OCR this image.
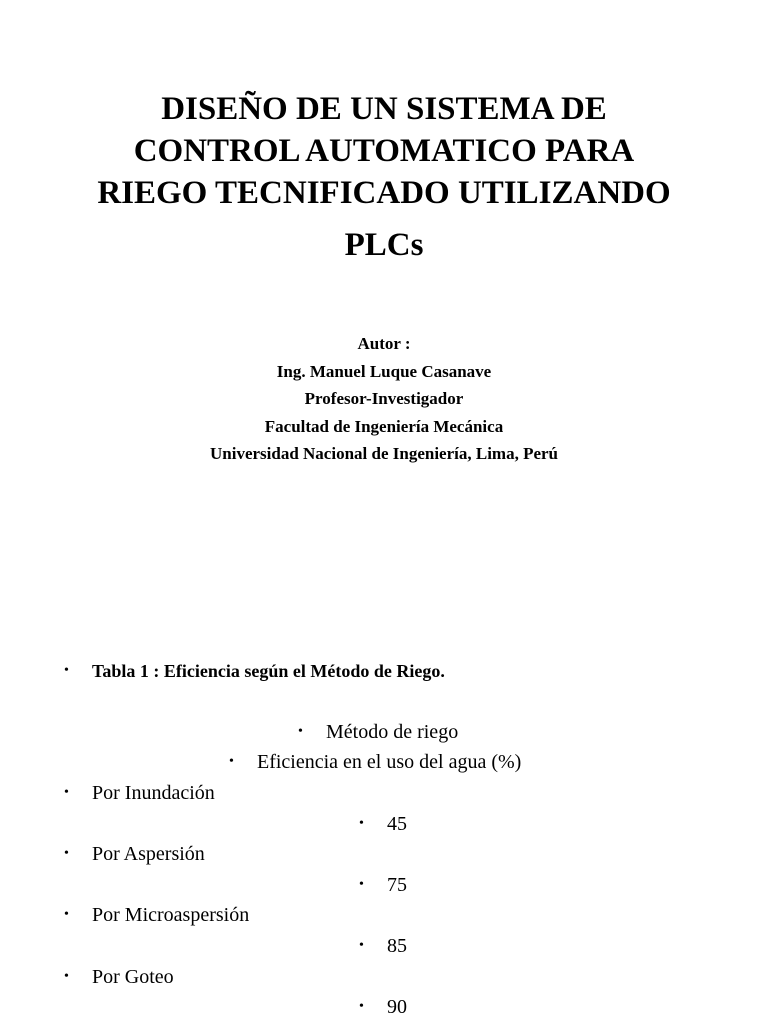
DISEÑO DE UN SISTEMA DE
CONTROL AUTOMATICO PARA
RIEGO TECNIFICADO UTILIZANDO
PLCs
Autor :
Ing. Manuel Luque Casanave
Profesor-Investigador
Facultad de Ingeniería Mecánica
Universidad Nacional de Ingeniería, Lima, Perú
• Tabla 1 : Eficiencia según el Método de Riego.
• Método de riego
• Eficiencia en el uso del agua (%)
• Por Inundación
• 45
• Por Aspersión
• 75
• Por Microaspersión
• 85
• Por Goteo
• 90
